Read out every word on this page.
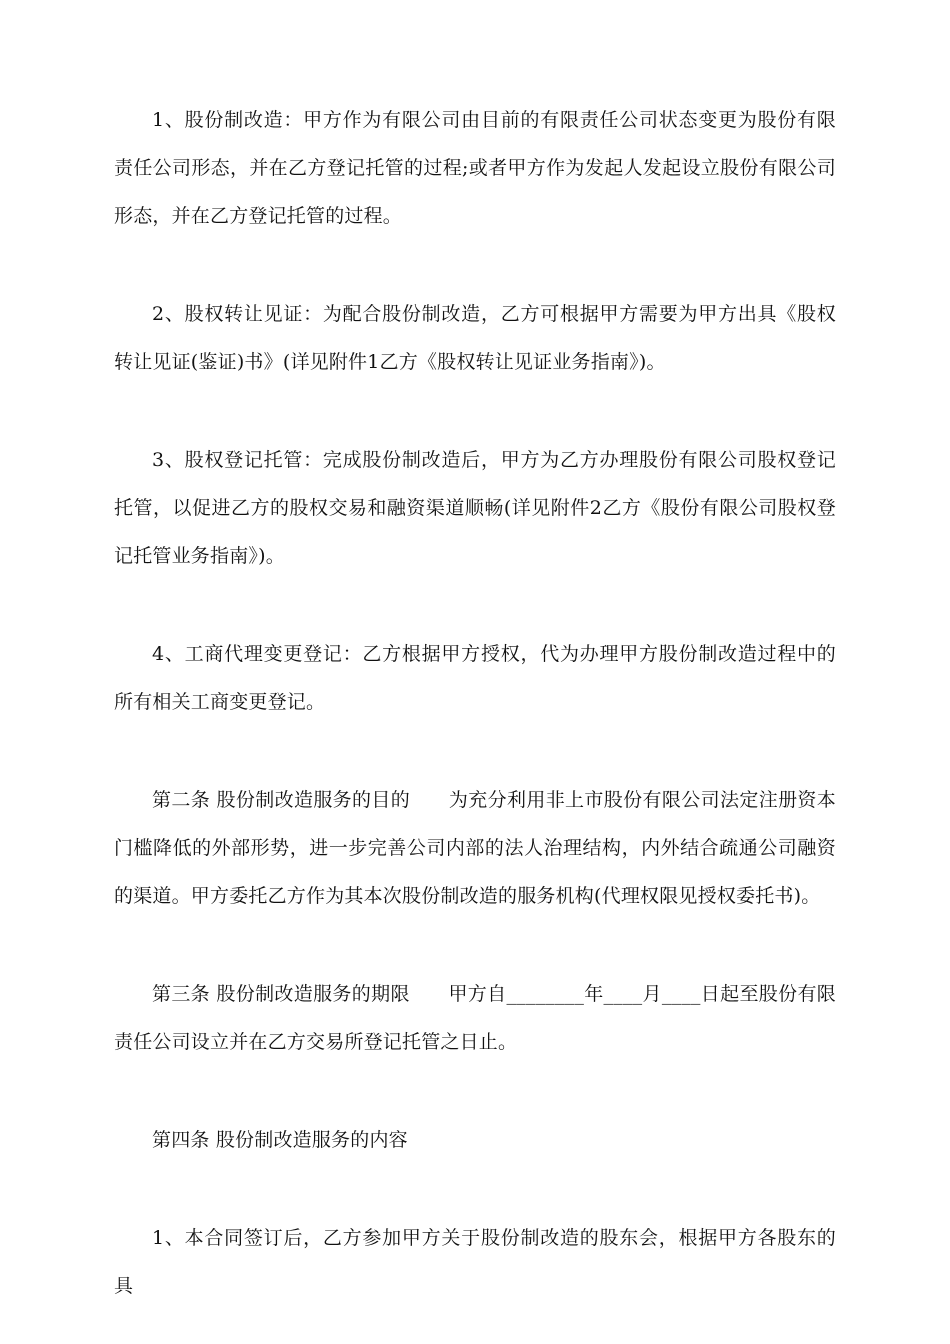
1、股份制改造：甲方作为有限公司由目前的有限责任公司状态变更为股份有限责任公司形态，并在乙方登记托管的过程;或者甲方作为发起人发起设立股份有限公司形态，并在乙方登记托管的过程。

2、股权转让见证：为配合股份制改造，乙方可根据甲方需要为甲方出具《股权转让见证(鉴证)书》(详见附件1乙方《股权转让见证业务指南》)。

3、股权登记托管：完成股份制改造后，甲方为乙方办理股份有限公司股权登记托管，以促进乙方的股权交易和融资渠道顺畅(详见附件2乙方《股份有限公司股权登记托管业务指南》)。

4、工商代理变更登记：乙方根据甲方授权，代为办理甲方股份制改造过程中的所有相关工商变更登记。

第二条 股份制改造服务的目的　　为充分利用非上市股份有限公司法定注册资本门槛降低的外部形势，进一步完善公司内部的法人治理结构，内外结合疏通公司融资的渠道。甲方委托乙方作为其本次股份制改造的服务机构(代理权限见授权委托书)。

第三条 股份制改造服务的期限　　甲方自________年____月____日起至股份有限责任公司设立并在乙方交易所登记托管之日止。

第四条 股份制改造服务的内容

1、本合同签订后，乙方参加甲方关于股份制改造的股东会，根据甲方各股东的具
